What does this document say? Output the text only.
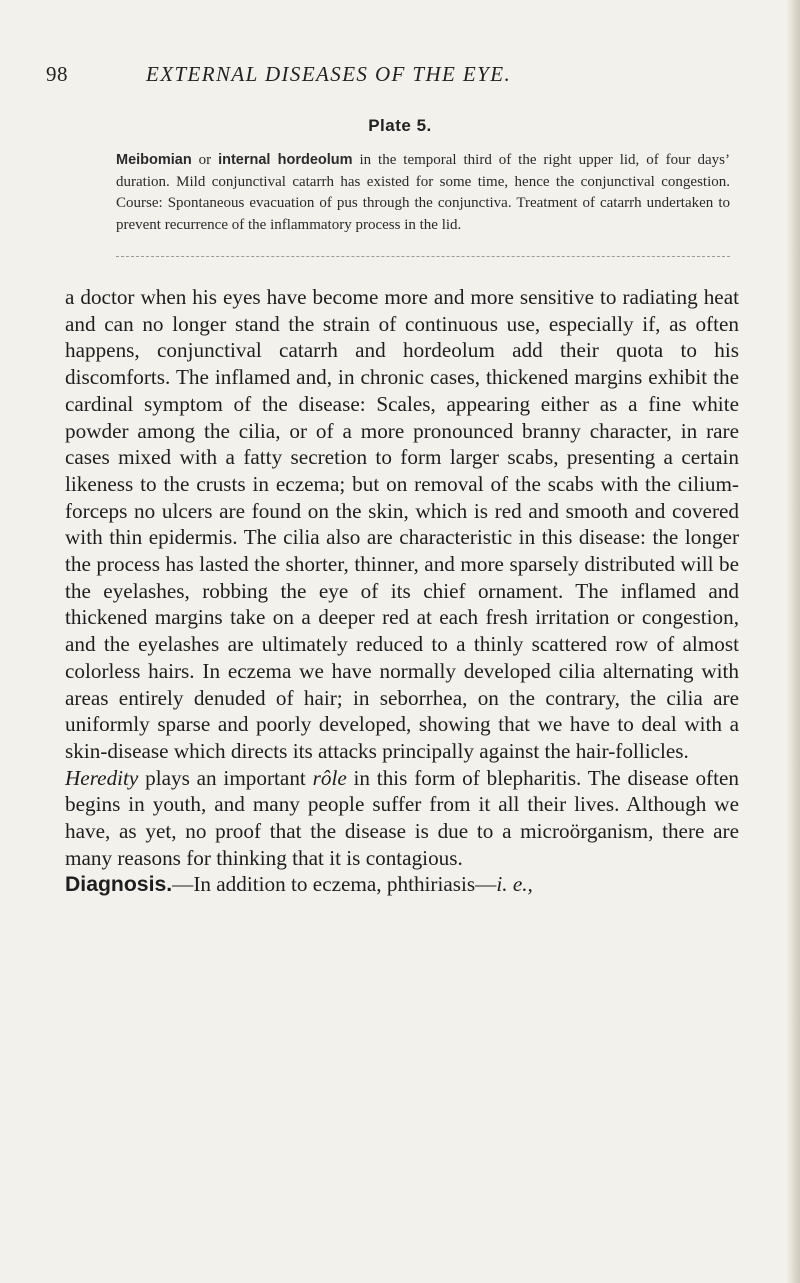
98	EXTERNAL DISEASES OF THE EYE.
Plate 5.
Meibomian or internal hordeolum in the temporal third of the right upper lid, of four days’ duration. Mild conjunctival catarrh has existed for some time, hence the conjunctival congestion. Course: Spontaneous evacuation of pus through the conjunctiva. Treatment of catarrh undertaken to prevent recurrence of the inflammatory process in the lid.

a doctor when his eyes have become more and more sensitive to radiating heat and can no longer stand the strain of continuous use, especially if, as often happens, conjunctival catarrh and hordeolum add their quota to his discomforts. The inflamed and, in chronic cases, thickened margins exhibit the cardinal symptom of the disease: Scales, appearing either as a fine white powder among the cilia, or of a more pronounced branny character, in rare cases mixed with a fatty secretion to form larger scabs, presenting a certain likeness to the crusts in eczema; but on removal of the scabs with the cilium-forceps no ulcers are found on the skin, which is red and smooth and covered with thin epidermis. The cilia also are characteristic in this disease: the longer the process has lasted the shorter, thinner, and more sparsely distributed will be the eyelashes, robbing the eye of its chief ornament. The inflamed and thickened margins take on a deeper red at each fresh irritation or congestion, and the eyelashes are ultimately reduced to a thinly scattered row of almost colorless hairs. In eczema we have normally developed cilia alternating with areas entirely denuded of hair; in seborrhea, on the contrary, the cilia are uniformly sparse and poorly developed, showing that we have to deal with a skin-disease which directs its attacks principally against the hair-follicles.

Heredity plays an important rôle in this form of blepharitis. The disease often begins in youth, and many people suffer from it all their lives. Although we have, as yet, no proof that the disease is due to a microörganism, there are many reasons for thinking that it is contagious.

Diagnosis.—In addition to eczema, phthiriasis—i. e.,
